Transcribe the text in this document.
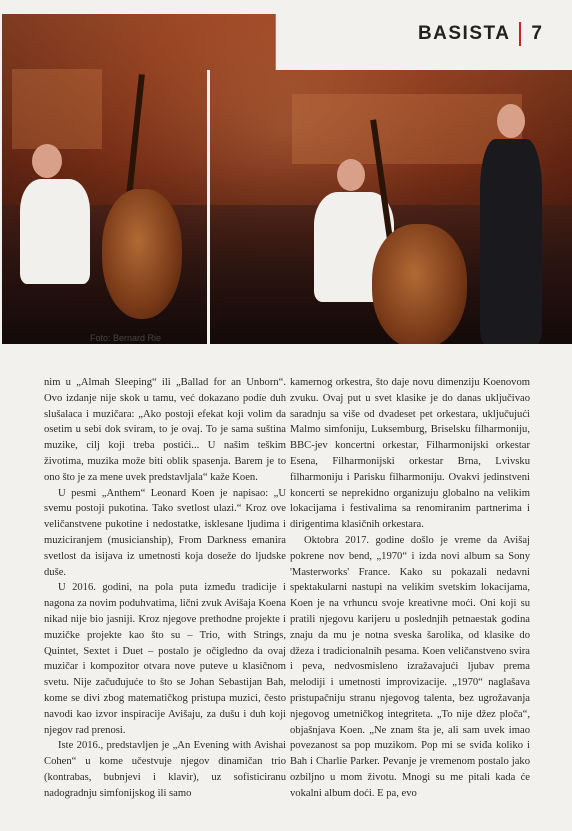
BASISTA 7
Foto: Bernard Rie

nim u „Almah Sleeping“ ili „Ballad for an Unborn“. Ovo izdanje nije skok u tamu, već dokazano podíe duh slušalaca i muzičara: „Ako postoji efekat koji volim da osetim u sebi dok sviram, to je ovaj. To je sama suština muzike, cilj koji treba postići... U našim teškim životima, muzika može biti oblik spasenja. Barem je to ono što je za mene uvek predstavljala“ kaže Koen.

U pesmi „Anthem“ Leonard Koen je napisao: „U svemu postoji pukotina. Tako svetlost ulazi.“ Kroz ove veličanstvene pukotine i nedostatke, isklesane ljudima i muziciranjem (musicianship), From Darkness emanira svetlost da isijava iz umetnosti koja doseže do ljudske duše.

U 2016. godini, na pola puta između tradicije i nagona za novim poduhvatima, lični zvuk Avišaja Koena nikad nije bio jasniji. Kroz njegove prethodne projekte i muzičke projekte kao što su – Trio, with Strings, Quintet, Sextet i Duet – postalo je očigledno da ovaj muzičar i kompozitor otvara nove puteve u klasičnom svetu. Nije začuđujuće to što se Johan Sebastijan Bah, kome se divi zbog matematičkog pristupa muzici, često navodi kao izvor inspiracije Avišaju, za dušu i duh koji njegov rad prenosi.

Iste 2016., predstavljen je „An Evening with Avishai Cohen“ u kome učestvuje njegov dinamičan trio (kontrabas, bubnjevi i klavir), uz sofisticiranu nadogradnju simfonijskog ili samo

kamernog orkestra, što daje novu dimenziju Koenovom zvuku. Ovaj put u svet klasike je do danas uključivao saradnju sa više od dvadeset pet orkestara, uključujući Malmo simfoniju, Luksemburg, Briselsku filharmoniju, BBC-jev koncertni orkestar, Filharmonijski orkestar Esena, Filharmonijski orkestar Brna, Lvivsku filharmoniju i Parisku filharmoniju. Ovakvi jedinstveni koncerti se neprekidno organizuju globalno na velikim lokacijama i festivalima sa renomiranim partnerima i dirigentima klasičnih orkestara.

Oktobra 2017. godine došlo je vreme da Avišaj pokrene nov bend, „1970“ i izda novi album sa Sony 'Masterworks' France. Kako su pokazali nedavni spektakularni nastupi na velikim svetskim lokacijama, Koen je na vrhuncu svoje kreativne moći. Oni koji su pratili njegovu karijeru u poslednjih petnaestak godina znaju da mu je notna sveska šarolika, od klasike do džeza i tradicionalnih pesama. Koen veličanstveno svira i peva, nedvosmisleno izražavajući ljubav prema melodiji i umetnosti improvizacije. „1970“ naglašava pristupačniju stranu njegovog talenta, bez ugrožavanja njegovog umetničkog integriteta. „To nije džez ploča“, objašnjava Koen. „Ne znam šta je, ali sam uvek imao povezanost sa pop muzikom. Pop mi se sviđa koliko i Bah i Charlie Parker. Pevanje je vremenom postalo jako ozbiljno u mom životu. Mnogi su me pitali kada će vokalni album doći. E pa, evo
